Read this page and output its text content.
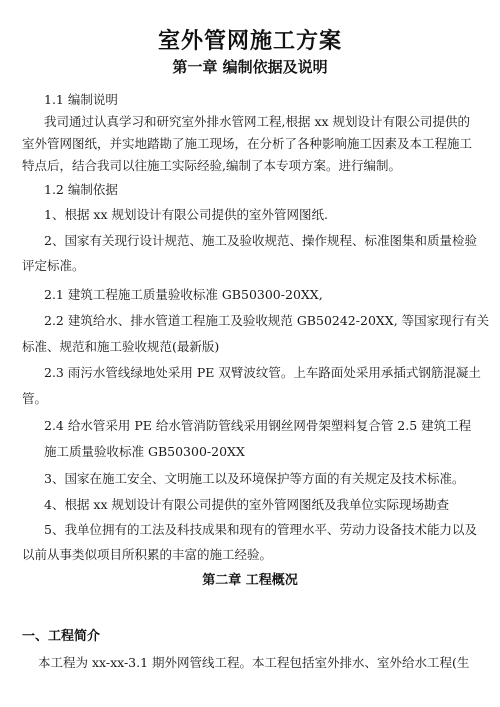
室外管网施工方案
第一章 编制依据及说明
1.1 编制说明
我司通过认真学习和研究室外排水管网工程,根据 xx 规划设计有限公司提供的
室外管网图纸，并实地踏勘了施工现场，在分析了各种影响施工因素及本工程施工
特点后，结合我司以往施工实际经验,编制了本专项方案。进行编制。
1.2 编制依据
1、根据 xx 规划设计有限公司提供的室外管网图纸.
2、国家有关现行设计规范、施工及验收规范、操作规程、标准图集和质量检验
评定标准。
2.1 建筑工程施工质量验收标准 GB50300-20XX,
2.2 建筑给水、排水管道工程施工及验收规范 GB50242-20XX, 等国家现行有关
标准、规范和施工验收规范(最新版)
2.3 雨污水管线绿地处采用 PE 双臂波纹管。上车路面处采用承插式钢筋混凝土
管。
2.4 给水管采用 PE 给水管消防管线采用钢丝网骨架塑料复合管 2.5 建筑工程
施工质量验收标准 GB50300-20XX
3、国家在施工安全、文明施工以及环境保护等方面的有关规定及技术标准。
4、根据 xx 规划设计有限公司提供的室外管网图纸及我单位实际现场勘查
5、我单位拥有的工法及科技成果和现有的管理水平、劳动力设备技术能力以及
以前从事类似项目所积累的丰富的施工经验。
第二章 工程概况
一、工程简介
本工程为 xx-xx-3.1 期外网管线工程。本工程包括室外排水、室外给水工程(生
